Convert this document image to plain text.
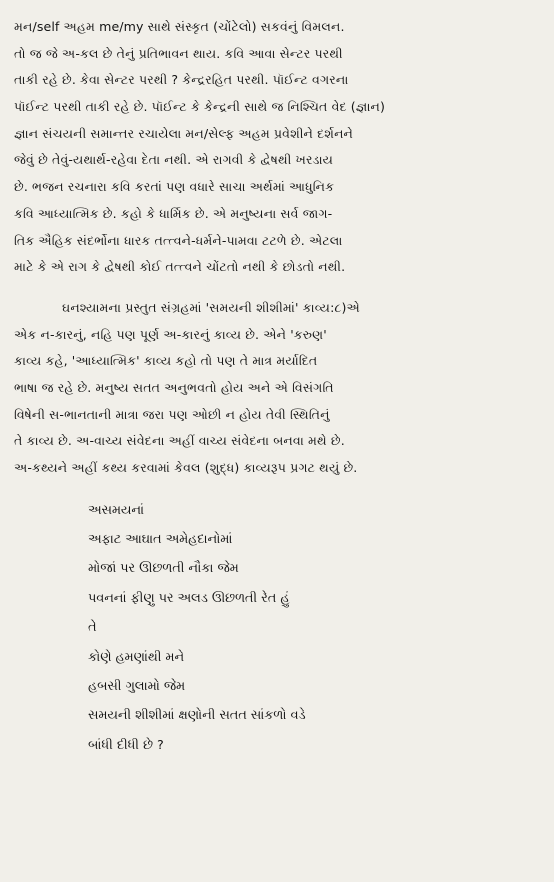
મન/self અહમ me/my સાથે સંસ્કૃત (ચોંટેલો) સકવંનું વિમલન.

તો જ જે અ-કલ છે તેનું પ્રતિભાવન થાય. કવિ આવા સેન્ટર પરથી

તાકી રહે છે. કેવા સેન્ટર પરથી ? કેન્દ્રરહિત પરથી. પૉઈન્ટ વગરના

પૉઈન્ટ પરથી તાકી રહે છે. પૉઈન્ટ કે કેન્દ્રની સાથે જ નિશ્ચિત વેદ (જ્ઞાન)

જ્ઞાન સંચયની સમાન્તર રચાયેલા મન/સેલ્ફ અહમ પ્રવેશીને દર્શનને

જેવું છે તેવું-યથાર્થ-રહેવા દેતા નથી. એ રાગવી કે દ્વેષથી ખરડાય

છે. ભજન રચનારા કવિ કરતાં પણ વધારે સાચા અર્થમાં આધુનિક

કવિ આધ્યાત્મિક છે. કહો કે ધાર્મિક છે. એ મનુષ્યના સર્વ જાગ-

તિક ઐહિક સંદર્ભોના ધારક તત્ત્વને-ધર્મને-પામવા ટટળે છે. એટલા

માટે કે એ રાગ કે દ્વેષથી કોઈ તત્ત્વને ચોંટતો નથી કે છોડતો નથી.

ઘનશ્યામના પ્રસ્તુત સંગ્રહમાં 'સમયની શીશીમાં' કાવ્ય:૮)એ

એક ન-કારનું, નહિ પણ પૂર્ણ અ-કારનું કાવ્ય છે. એને 'કરુણ'

કાવ્ય કહે, 'આધ્યાત્મિક' કાવ્ય કહો તો પણ તે માત્ર મર્યાદિત

ભાષા જ રહે છે. મનુષ્ય સતત અનુભવતો હોય અને એ વિસંગતિ

વિષેની સ-ભાનતાની માત્રા જરા પણ ઓછી ન હોય તેવી સ્થિતિનું

તે કાવ્ય છે. અ-વાચ્ય સંવેદના અહીં વાચ્ય સંવેદના બનવા મથે છે.

અ-કથ્યને અહીં કથ્ય કરવામાં કેવલ (શુદ્ધ) કાવ્યરૂપ પ્રગટ થયું છે.

અસમયનાં

અફાટ આઘાત અમેહદાનોમાં

મોજાં પર ઊછળતી નૌકા જેમ

પવનનાં ફીણુ પર અલડ ઊછળતી રેત હું

તે

કોણે હમણાંથી મને

હબસી ગુલામો જેમ

સમયની શીશીમાં ક્ષણોની સતત સાંકળો વડે

બાંધી દીધી છે ?
